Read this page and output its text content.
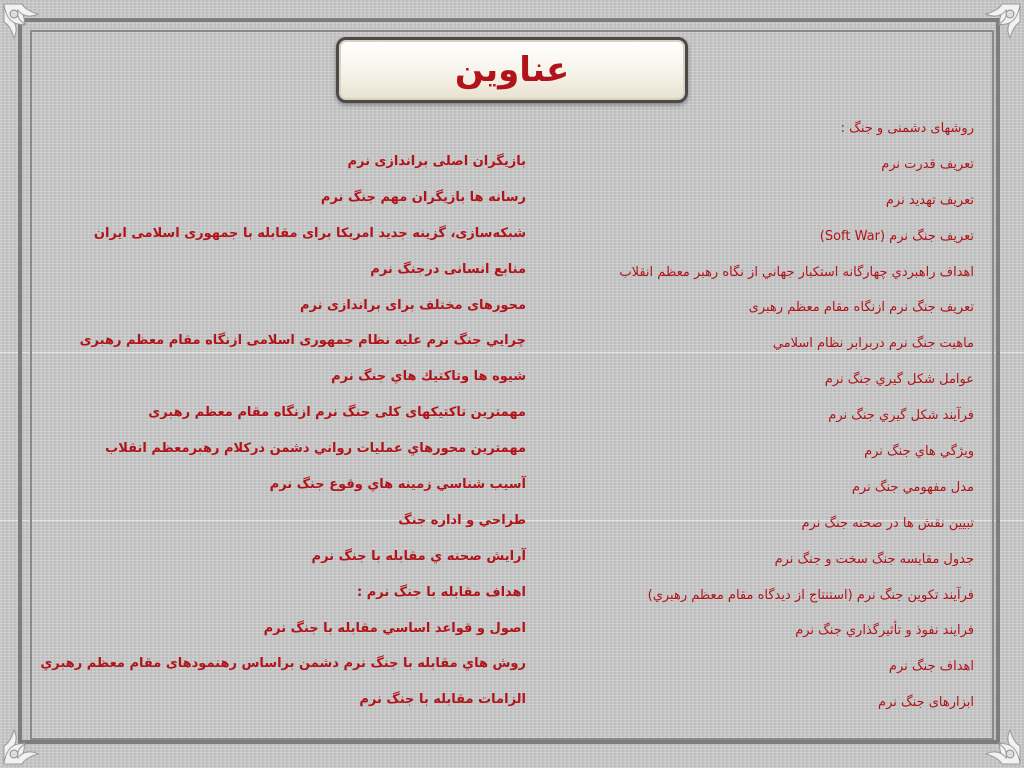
عناوین
روشهای دشمنی و جنگ :
تعریف قدرت نرم
تعریف تهدید نرم
تعریف جنگ نرم (Soft War)
اهداف راهبردي چهارگانه استکبار جهاني از نگاه رهبر معظم انقلاب
تعریف جنگ نرم ازنگاه مقام معظم رهبری
ماهیت جنگ نرم دربرابر نظام اسلامي
عوامل شکل گیري جنگ نرم
فرآیند شکل گیري جنگ نرم
ویژگي هاي جنگ نرم
مدل مفهومي جنگ نرم
تبیین نقش ها در صحنه جنگ نرم
جدول مقایسه جنگ سخت و جنگ نرم
فرآیند تکوین جنگ نرم (استنتاج از دیدگاه مقام معظم رهبري)
فرایند نفوذ و تأثیرگذاري جنگ نرم
اهداف جنگ نرم
ابزارهای جنگ نرم
بازیگران اصلی براندازی نرم
رسانه ها بازیگران مهم جنگ نرم
شبکه‌سازی، گزینه جدید امریکا برای مقابله با جمهوری اسلامی ایران
منابع انسانی درجنگ نرم
محورهای مختلف برای براندازی نرم
چرايي جنگ نرم علیه نظام جمهوری اسلامی ازنگاه مقام معظم رهبری
شیوه ها وتاکتیك هاي جنگ نرم
مهمترین تاکتیکهای کلی جنگ نرم ازنگاه مقام معظم رهبری
مهمترین محورهاي عملیات رواني دشمن درکلام رهبرمعظم انقلاب
آسیب شناسي زمینه هاي وقوع جنگ نرم
طراحي و اداره جنگ
آرایش صحنه ي مقابله با جنگ نرم
اهداف مقابله با جنگ نرم :
اصول و قواعد اساسي مقابله با جنگ نرم
روش هاي مقابله با جنگ نرم دشمن براساس رهنمودهای مقام معظم رهبري
الزامات مقابله با جنگ نرم
